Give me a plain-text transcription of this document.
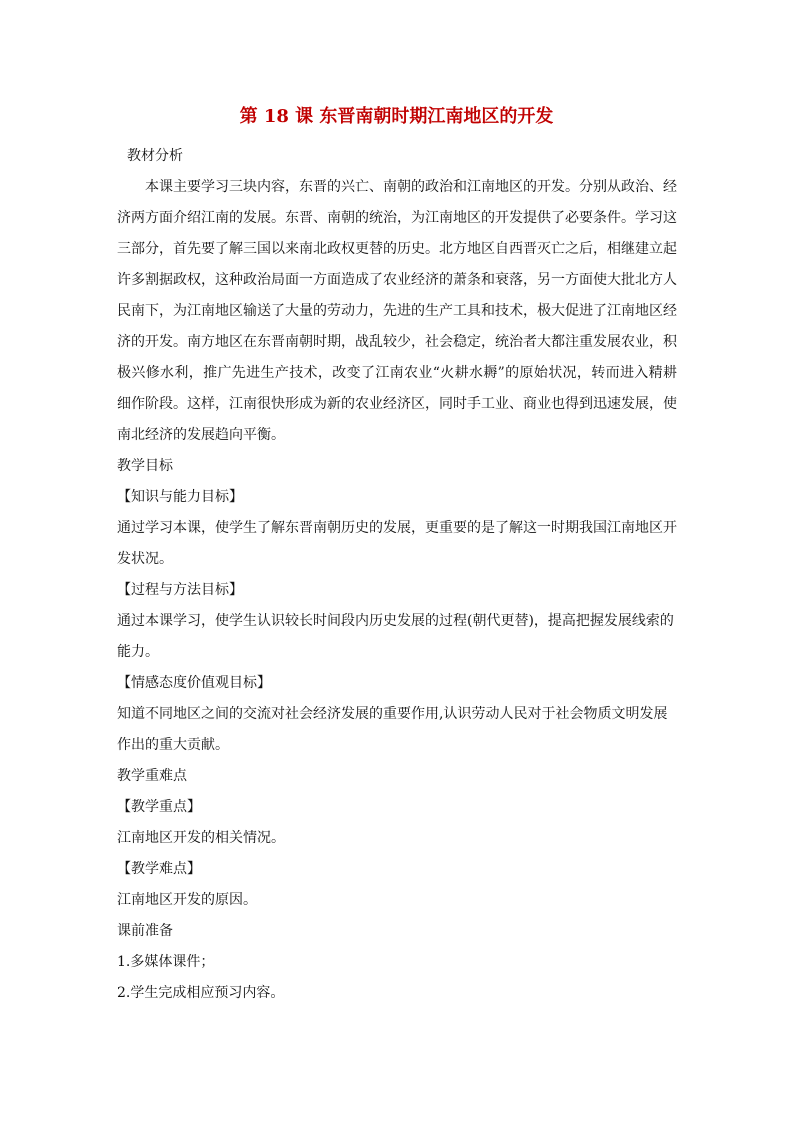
第 18 课 东晋南朝时期江南地区的开发
教材分析
本课主要学习三块内容，东晋的兴亡、南朝的政治和江南地区的开发。分别从政治、经济两方面介绍江南的发展。东晋、南朝的统治，为江南地区的开发提供了必要条件。学习这三部分，首先要了解三国以来南北政权更替的历史。北方地区自西晋灭亡之后，相继建立起许多割据政权，这种政治局面一方面造成了农业经济的萧条和衰落，另一方面使大批北方人民南下，为江南地区输送了大量的劳动力，先进的生产工具和技术，极大促进了江南地区经济的开发。南方地区在东晋南朝时期，战乱较少，社会稳定，统治者大都注重发展农业，积极兴修水利，推广先进生产技术，改变了江南农业“火耕水耨”的原始状况，转而进入精耕细作阶段。这样，江南很快形成为新的农业经济区，同时手工业、商业也得到迅速发展，使南北经济的发展趋向平衡。
教学目标
【知识与能力目标】
通过学习本课，使学生了解东晋南朝历史的发展，更重要的是了解这一时期我国江南地区开发状况。
【过程与方法目标】
通过本课学习，使学生认识较长时间段内历史发展的过程(朝代更替)，提高把握发展线索的能力。
【情感态度价值观目标】
知道不同地区之间的交流对社会经济发展的重要作用,认识劳动人民对于社会物质文明发展作出的重大贡献。
教学重难点
【教学重点】
江南地区开发的相关情况。
【教学难点】
江南地区开发的原因。
课前准备
1.多媒体课件；
2.学生完成相应预习内容。
